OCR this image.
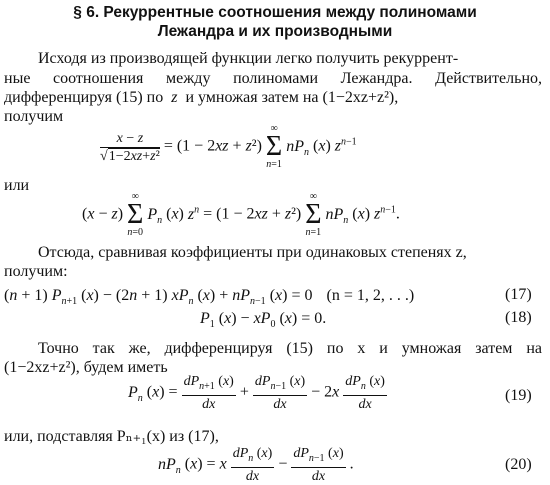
§ 6. Рекуррентные соотношения между полиномами
Лежандра и их производными
Исходя из производящей функции легко получить рекуррент-
ные соотношения между полиномами Лежандра. Действительно,
дифференцируя (15) по  z  и умножая затем на (1−2xz+z²),
получим
$\frac{x - z}{\text{√1−2xz+z²}} = (1 - 2xz + z^2)$
∞
Σ
n=1
$nP_n$ (x) $z^{n-1}$
или
(x − z)
∞
Σ
n=0
$P_n$ (x) $z^n = (1 - 2xz + z^2)$
∞
Σ
n=1
$nP_n$ (x) $z^{n-1}$.
Отсюда, сравнивая коэффициенты при одинаковых степенях z,
получим:
(n + 1) $P_{n+1}$ (x) − (2n + 1) $xP_n$ $(x) + nP_{n-1}$ (x) = 0 (n = 1, 2, . . .)	(17)
$P_1$ $(x) - xP_0$ (x) = 0.	(18)
Точно так же, дифференцируя (15) по x и умножая затем на
(1−2xz+z²), будем иметь
$P_n$ $(x) = \frac{dP_{n+1} (x)}{dx} + \frac{dP_{n-1} (x)}{dx} - 2x \frac{dP_n (x)}{dx}$	(19)
или, подставляя Pₙ₊₁(x) из (17),
$nP_n$ (x) = x $\frac{dP_n (x)}{dx} - \frac{dP_{n-1} (x)}{dx}$ .	(20)
